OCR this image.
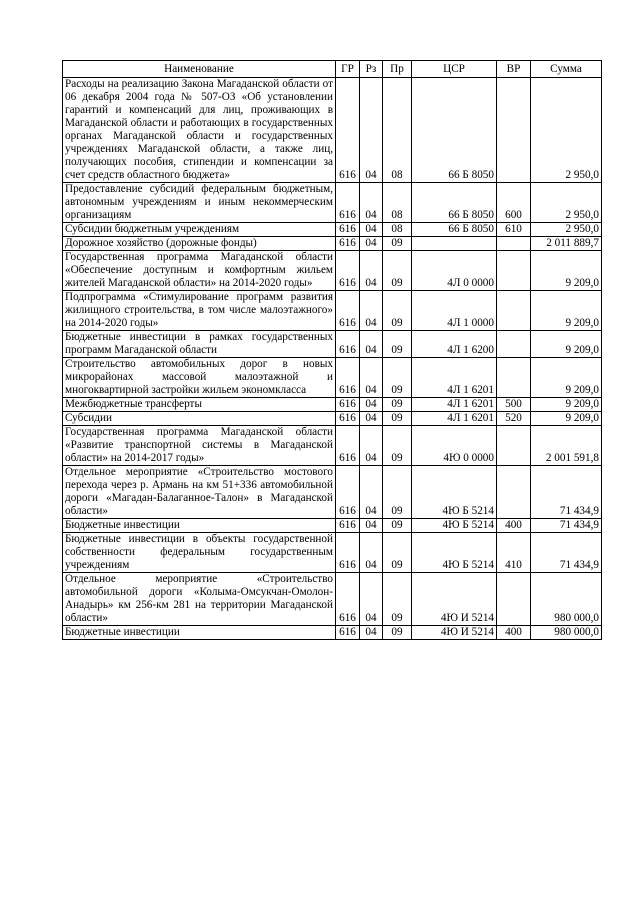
Наименование	ГР	Рз	Пр	ЦСР	ВР	Сумма
Расходы на реализацию Закона Магаданской области от 06 декабря 2004 года № 507-ОЗ «Об установлении гарантий и компенсаций для лиц, проживающих в Магаданской области и работающих в государственных органах Магаданской области и государственных учреждениях Магаданской области, а также лиц, получающих пособия, стипендии и компенсации за счет средств областного бюджета»	616	04	08	66 Б 8050		2 950,0
Предоставление субсидий федеральным бюджетным, автономным учреждениям и иным некоммерческим организациям	616	04	08	66 Б 8050	600	2 950,0
Субсидии бюджетным учреждениям	616	04	08	66 Б 8050	610	2 950,0
Дорожное хозяйство (дорожные фонды)	616	04	09			2 011 889,7
Государственная программа Магаданской области «Обеспечение доступным и комфортным жильем жителей Магаданской области» на 2014-2020 годы»	616	04	09	4Л 0 0000		9 209,0
Подпрограмма «Стимулирование программ развития жилищного строительства, в том числе малоэтажного» на 2014-2020 годы»	616	04	09	4Л 1 0000		9 209,0
Бюджетные инвестиции в рамках государственных программ Магаданской области	616	04	09	4Л 1 6200		9 209,0
Строительство автомобильных дорог в новых микрорайонах массовой малоэтажной и многоквартирной застройки жильем экономкласса	616	04	09	4Л 1 6201		9 209,0
Межбюджетные трансферты	616	04	09	4Л 1 6201	500	9 209,0
Субсидии	616	04	09	4Л 1 6201	520	9 209,0
Государственная программа Магаданской области «Развитие транспортной системы в Магаданской области» на 2014-2017 годы»	616	04	09	4Ю 0 0000		2 001 591,8
Отдельное мероприятие «Строительство мостового перехода через р. Армань на км 51+336 автомобильной дороги «Магадан-Балаганное-Талон» в Магаданской области»	616	04	09	4Ю Б 5214		71 434,9
Бюджетные инвестиции	616	04	09	4Ю Б 5214	400	71 434,9
Бюджетные инвестиции в объекты государственной собственности федеральным государственным учреждениям	616	04	09	4Ю Б 5214	410	71 434,9
Отдельное мероприятие «Строительство автомобильной дороги «Колыма-Омсукчан-Омолон-Анадырь» км 256-км 281 на территории Магаданской области»	616	04	09	4Ю И 5214		980 000,0
Бюджетные инвестиции	616	04	09	4Ю И 5214	400	980 000,0
